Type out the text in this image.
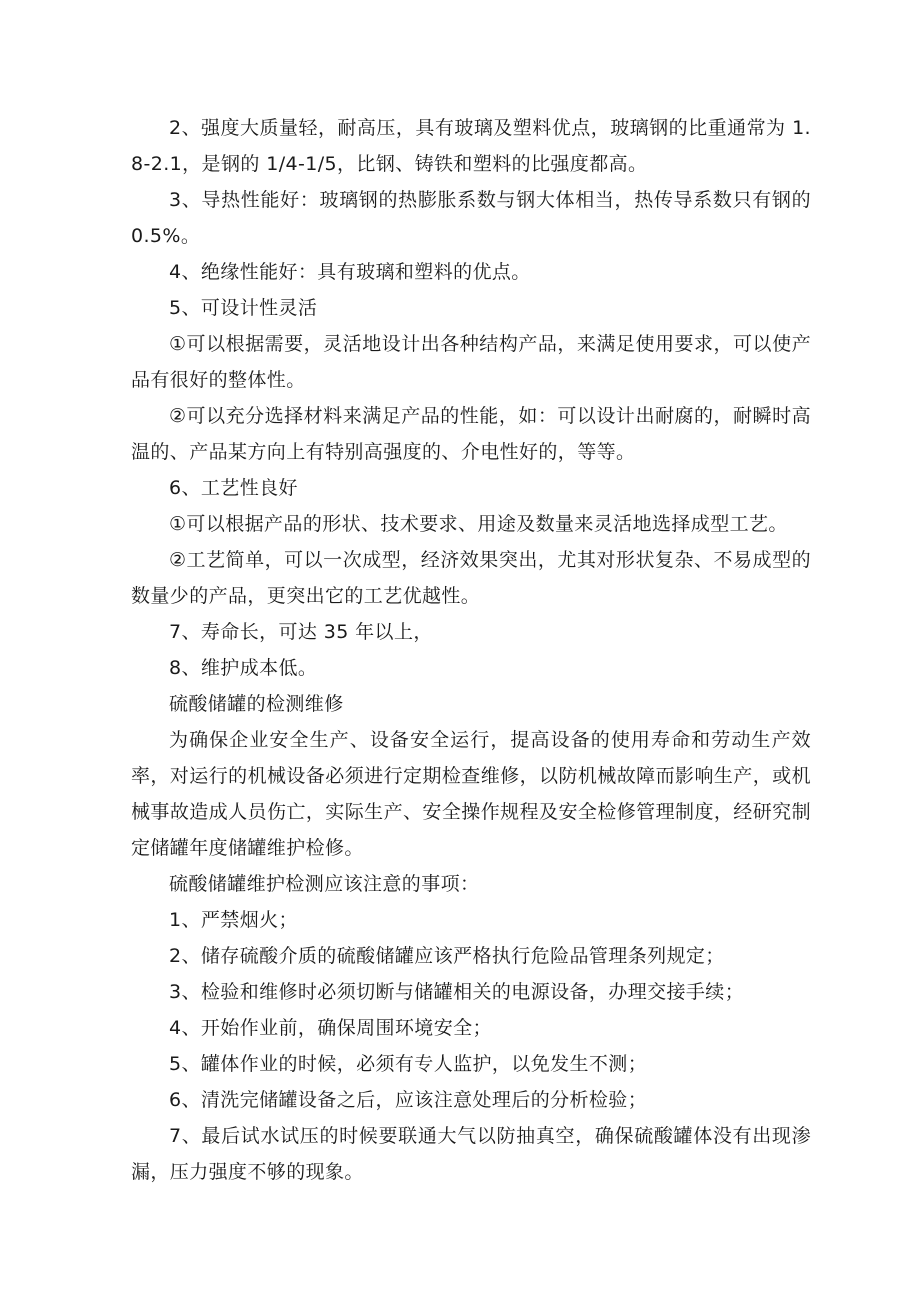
2、强度大质量轻，耐高压，具有玻璃及塑料优点，玻璃钢的比重通常为 1.8-2.1，是钢的 1/4-1/5，比钢、铸铁和塑料的比强度都高。

3、导热性能好：玻璃钢的热膨胀系数与钢大体相当，热传导系数只有钢的 0.5%。

4、绝缘性能好：具有玻璃和塑料的优点。

5、可设计性灵活

①可以根据需要，灵活地设计出各种结构产品，来满足使用要求，可以使产品有很好的整体性。

②可以充分选择材料来满足产品的性能，如：可以设计出耐腐的，耐瞬时高温的、产品某方向上有特别高强度的、介电性好的，等等。

6、工艺性良好

①可以根据产品的形状、技术要求、用途及数量来灵活地选择成型工艺。

②工艺简单，可以一次成型，经济效果突出，尤其对形状复杂、不易成型的数量少的产品，更突出它的工艺优越性。

7、寿命长，可达 35 年以上，

8、维护成本低。

硫酸储罐的检测维修

为确保企业安全生产、设备安全运行，提高设备的使用寿命和劳动生产效率，对运行的机械设备必须进行定期检查维修，以防机械故障而影响生产，或机械事故造成人员伤亡，实际生产、安全操作规程及安全检修管理制度，经研究制定储罐年度储罐维护检修。

硫酸储罐维护检测应该注意的事项：

1、严禁烟火；

2、储存硫酸介质的硫酸储罐应该严格执行危险品管理条列规定；

3、检验和维修时必须切断与储罐相关的电源设备，办理交接手续；

4、开始作业前，确保周围环境安全；

5、罐体作业的时候，必须有专人监护，以免发生不测；

6、清洗完储罐设备之后，应该注意处理后的分析检验；

7、最后试水试压的时候要联通大气以防抽真空，确保硫酸罐体没有出现渗漏，压力强度不够的现象。
